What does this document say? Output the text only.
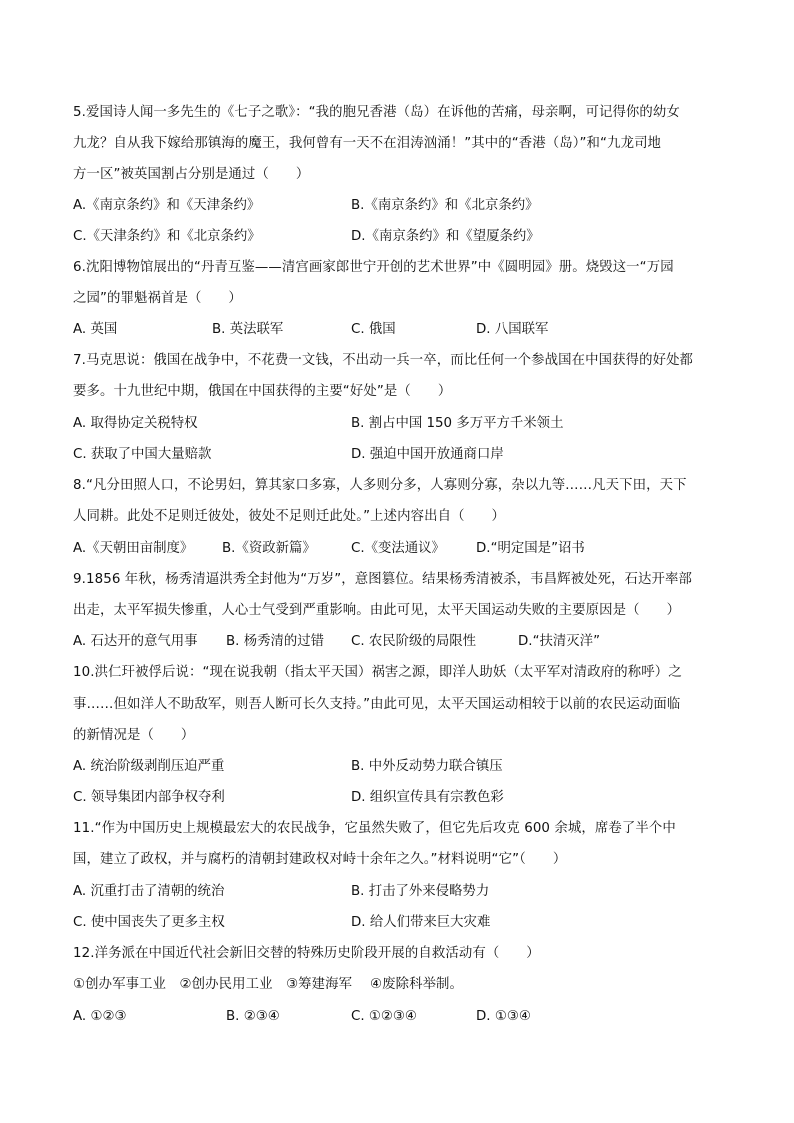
5.爱国诗人闻一多先生的《七子之歌》：“我的胞兄香港（岛）在诉他的苦痛，母亲啊，可记得你的幼女
九龙？自从我下嫁给那镇海的魔王，我何曾有一天不在泪涛汹涌！”其中的“香港（岛）”和“九龙司地
方一区”被英国割占分别是通过（　　）
A.《南京条约》和《天津条约》	B.《南京条约》和《北京条约》
C.《天津条约》和《北京条约》	D.《南京条约》和《望厦条约》
6.沈阳博物馆展出的“丹青互鉴——清宫画家郎世宁开创的艺术世界”中《圆明园》册。烧毁这一“万园
之园”的罪魁祸首是（　　）
A. 英国	B. 英法联军	C. 俄国	D. 八国联军
7.马克思说：俄国在战争中，不花费一文钱，不出动一兵一卒，而比任何一个参战国在中国获得的好处都
要多。十九世纪中期，俄国在中国获得的主要“好处”是（　　）
A. 取得协定关税特权	B. 割占中国 150 多万平方千米领土
C. 获取了中国大量赔款	D. 强迫中国开放通商口岸
8.“凡分田照人口，不论男妇，算其家口多寡，人多则分多，人寡则分寡，杂以九等……凡天下田，天下
人同耕。此处不足则迁彼处，彼处不足则迁此处。”上述内容出自（　　）
A.《天朝田亩制度》 B.《资政新篇》	C.《变法通议》 D.“明定国是”诏书
9.1856 年秋，杨秀清逼洪秀全封他为“万岁”，意图篡位。结果杨秀清被杀，韦昌辉被处死，石达开率部
出走，太平军损失惨重，人心士气受到严重影响。由此可见，太平天国运动失败的主要原因是（　　）
A. 石达开的意气用事 B. 杨秀清的过错 C. 农民阶级的局限性	D.“扶清灭洋”
10.洪仁玕被俘后说：“现在说我朝（指太平天国）祸害之源，即洋人助妖（太平军对清政府的称呼）之
事……但如洋人不助敌军，则吾人断可长久支持。”由此可见，太平天国运动相较于以前的农民运动面临
的新情况是（　　）
A. 统治阶级剥削压迫严重	B. 中外反动势力联合镇压
C. 领导集团内部争权夺利	D. 组织宣传具有宗教色彩
11.“作为中国历史上规模最宏大的农民战争，它虽然失败了，但它先后攻克 600 余城，席卷了半个中
国，建立了政权，并与腐朽的清朝封建政权对峙十余年之久。”材料说明“它”（　　）
A. 沉重打击了清朝的统治	B. 打击了外来侵略势力
C. 使中国丧失了更多主权	D. 给人们带来巨大灾难
12.洋务派在中国近代社会新旧交替的特殊历史阶段开展的自救活动有（　　）
①创办军事工业　②创办民用工业　③筹建海军　 ④废除科举制。
A. ①②③	B. ②③④	C. ①②③④	D. ①③④
